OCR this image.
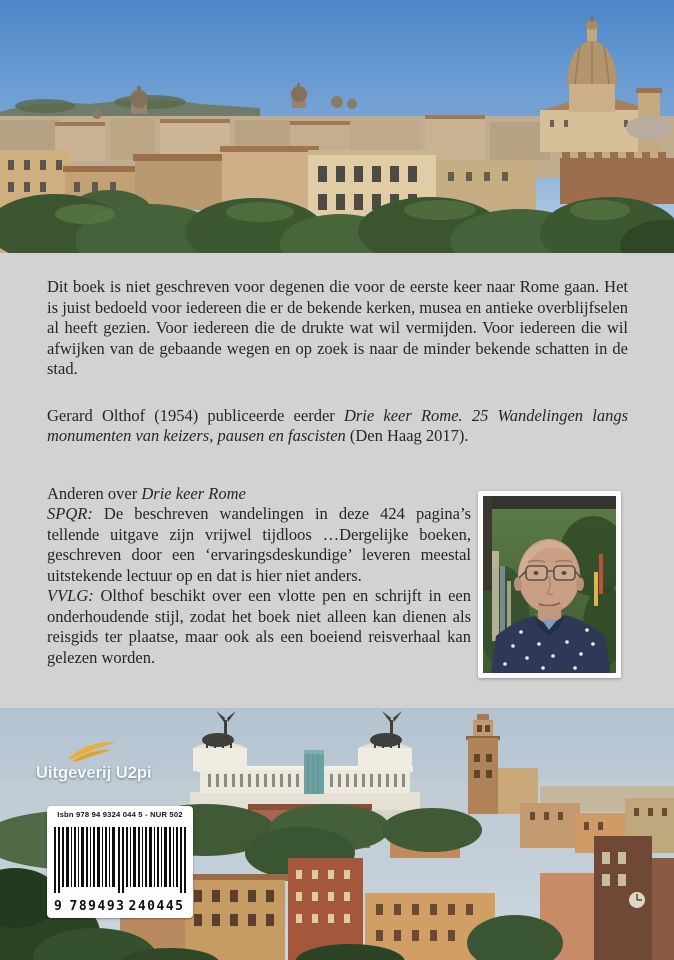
Dit boek is niet geschreven voor degenen die voor de eerste keer naar Rome gaan. Het is juist bedoeld voor iedereen die er de bekende kerken, musea en antieke overblijfselen al heeft gezien. Voor iedereen die de drukte wat wil vermijden. Voor iedereen die wil afwijken van de gebaande wegen en op zoek is naar de minder bekende schatten in de stad.

Gerard Olthof (1954) publiceerde eerder Drie keer Rome. 25 Wandelingen langs monumenten van keizers, pausen en fascisten (Den Haag 2017).

Anderen over Drie keer Rome

SPQR: De beschreven wandelingen in deze 424 pagina’s tellende uitgave zijn vrijwel tijdloos …Dergelijke boeken, geschreven door een ‘ervaringsdeskundige’ leveren meestal uitstekende lectuur op en dat is hier niet anders.

VVLG: Olthof beschikt over een vlotte pen en schrijft in een onderhoudende stijl, zodat het boek niet alleen kan dienen als reisgids ter plaatse, maar ook als een boeiend reisverhaal kan gelezen worden.

Uitgeverij U2pi
Isbn 978 94 9324 044 5 - NUR 502
9 789493 240445
